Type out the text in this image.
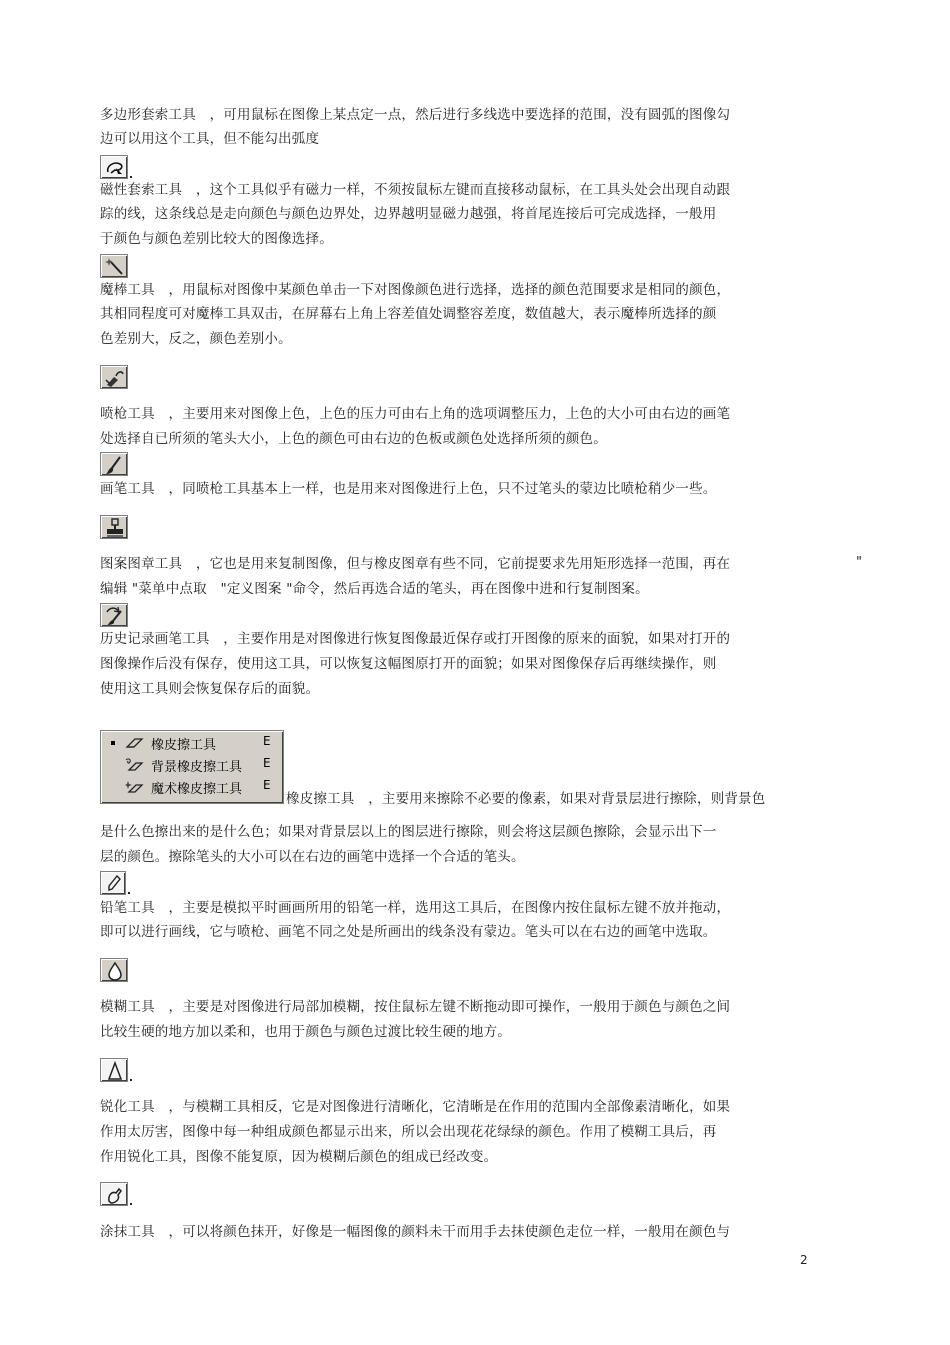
多边形套索工具　，可用鼠标在图像上某点定一点，然后进行多线选中要选择的范围，没有圆弧的图像勾
边可以用这个工具，但不能勾出弧度
磁性套索工具　，这个工具似乎有磁力一样，不须按鼠标左键而直接移动鼠标，在工具头处会出现自动跟
踪的线，这条线总是走向颜色与颜色边界处，边界越明显磁力越强，将首尾连接后可完成选择，一般用
于颜色与颜色差别比较大的图像选择。
魔棒工具　，用鼠标对图像中某颜色单击一下对图像颜色进行选择，选择的颜色范围要求是相同的颜色，
其相同程度可对魔棒工具双击，在屏幕右上角上容差值处调整容差度，数值越大，表示魔棒所选择的颜
色差别大，反之，颜色差别小。
喷枪工具　，主要用来对图像上色，上色的压力可由右上角的选项调整压力，上色的大小可由右边的画笔
处选择自已所须的笔头大小，上色的颜色可由右边的色板或颜色处选择所须的颜色。
画笔工具　，同喷枪工具基本上一样，也是用来对图像进行上色，只不过笔头的蒙边比喷枪稍少一些。
图案图章工具　，它也是用来复制图像，但与橡皮图章有些不同，它前提要求先用矩形选择一范围，再在	"
编辑 "菜单中点取　"定义图案 "命令，然后再选合适的笔头，再在图像中进和行复制图案。
历史记录画笔工具　，主要作用是对图像进行恢复图像最近保存或打开图像的原来的面貌，如果对打开的
图像操作后没有保存，使用这工具，可以恢复这幅图原打开的面貌；如果对图像保存后再继续操作，则
使用这工具则会恢复保存后的面貌。
橡皮擦工具	E
背景橡皮擦工具 E
魔术橡皮擦工具 E
橡皮擦工具　，主要用来擦除不必要的像素，如果对背景层进行擦除，则背景色
是什么色擦出来的是什么色；如果对背景层以上的图层进行擦除，则会将这层颜色擦除，会显示出下一
层的颜色。擦除笔头的大小可以在右边的画笔中选择一个合适的笔头。
铅笔工具　，主要是模拟平时画画所用的铅笔一样，选用这工具后，在图像内按住鼠标左键不放并拖动，
即可以进行画线，它与喷枪、画笔不同之处是所画出的线条没有蒙边。笔头可以在右边的画笔中选取。
模糊工具　，主要是对图像进行局部加模糊，按住鼠标左键不断拖动即可操作，一般用于颜色与颜色之间
比较生硬的地方加以柔和，也用于颜色与颜色过渡比较生硬的地方。
锐化工具　，与模糊工具相反，它是对图像进行清晰化，它清晰是在作用的范围内全部像素清晰化，如果
作用太厉害，图像中每一种组成颜色都显示出来，所以会出现花花绿绿的颜色。作用了模糊工具后，再
作用锐化工具，图像不能复原，因为模糊后颜色的组成已经改变。
涂抹工具　，可以将颜色抹开，好像是一幅图像的颜料未干而用手去抹使颜色走位一样，一般用在颜色与
2
